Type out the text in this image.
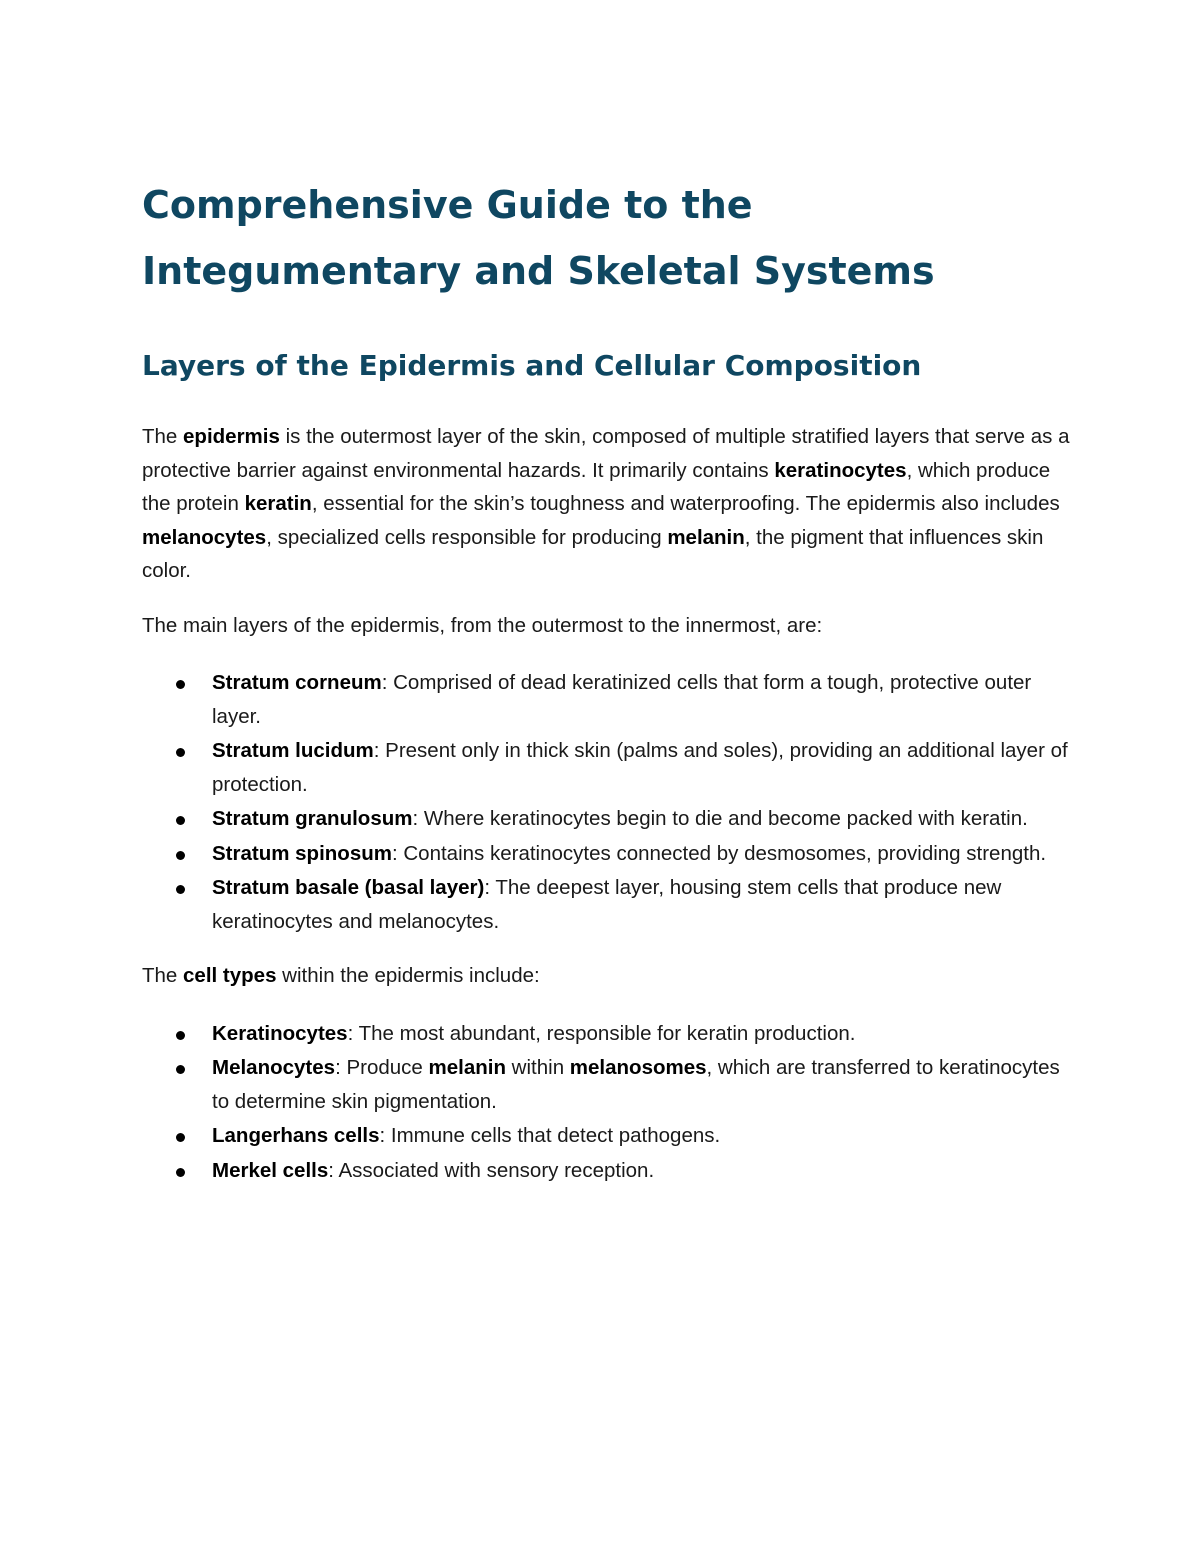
Comprehensive Guide to the Integumentary and Skeletal Systems
Layers of the Epidermis and Cellular Composition

The epidermis is the outermost layer of the skin, composed of multiple stratified layers that serve as a protective barrier against environmental hazards. It primarily contains keratinocytes, which produce the protein keratin, essential for the skin’s toughness and waterproofing. The epidermis also includes melanocytes, specialized cells responsible for producing melanin, the pigment that influences skin color.

The main layers of the epidermis, from the outermost to the innermost, are:

Stratum corneum: Comprised of dead keratinized cells that form a tough, protective outer layer.
Stratum lucidum: Present only in thick skin (palms and soles), providing an additional layer of protection.
Stratum granulosum: Where keratinocytes begin to die and become packed with keratin.
Stratum spinosum: Contains keratinocytes connected by desmosomes, providing strength.
Stratum basale (basal layer): The deepest layer, housing stem cells that produce new keratinocytes and melanocytes.

The cell types within the epidermis include:

Keratinocytes: The most abundant, responsible for keratin production.
Melanocytes: Produce melanin within melanosomes, which are transferred to keratinocytes to determine skin pigmentation.
Langerhans cells: Immune cells that detect pathogens.
Merkel cells: Associated with sensory reception.
